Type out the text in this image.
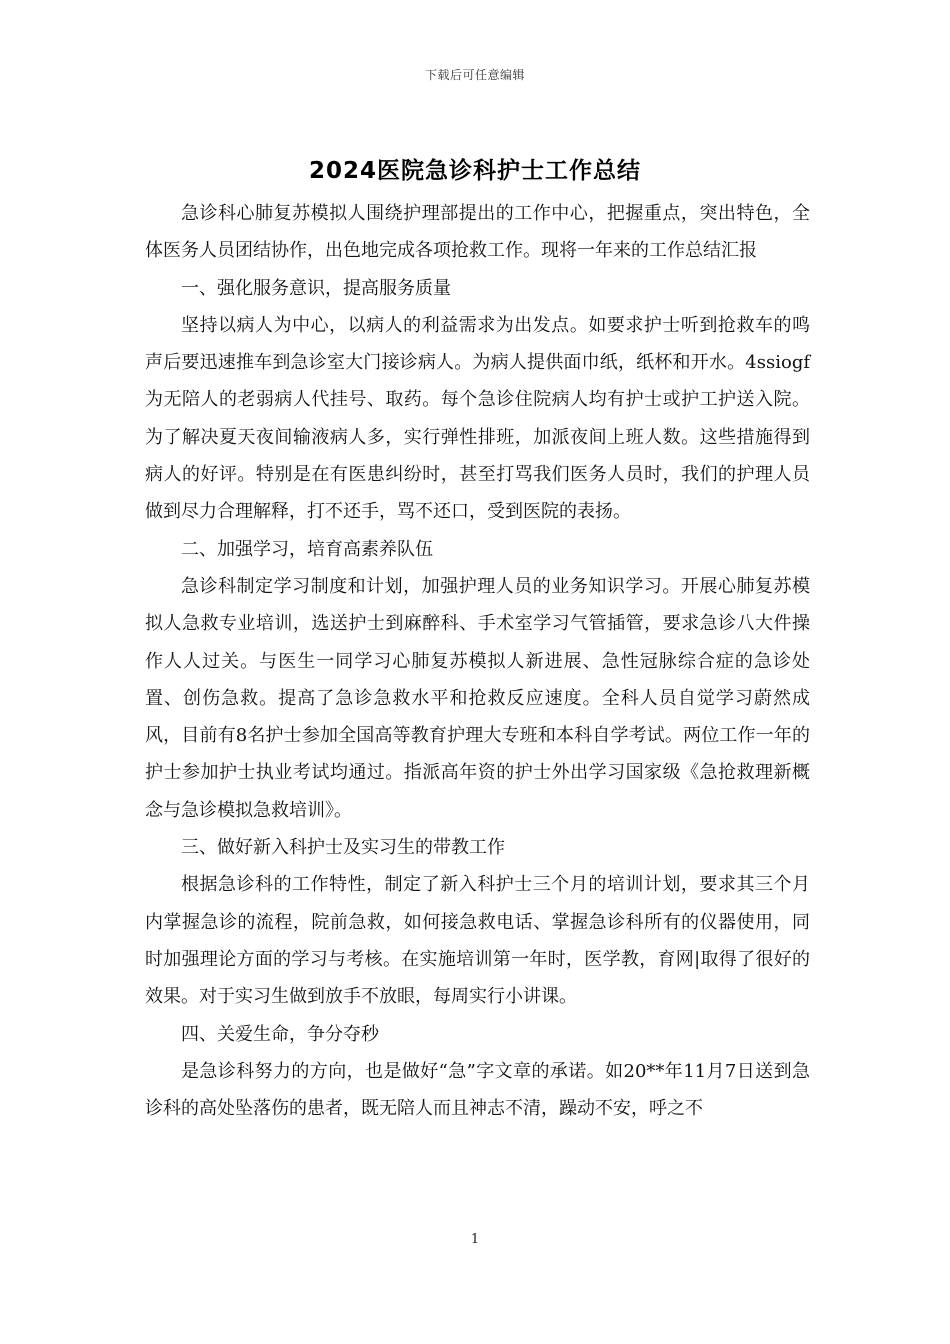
下载后可任意编辑
2024医院急诊科护士工作总结

急诊科心肺复苏模拟人围绕护理部提出的工作中心，把握重点，突出特色，全体医务人员团结协作，出色地完成各项抢救工作。现将一年来的工作总结汇报

一、强化服务意识，提高服务质量

坚持以病人为中心，以病人的利益需求为出发点。如要求护士听到抢救车的鸣声后要迅速推车到急诊室大门接诊病人。为病人提供面巾纸，纸杯和开水。4ssiogf为无陪人的老弱病人代挂号、取药。每个急诊住院病人均有护士或护工护送入院。为了解决夏天夜间输液病人多，实行弹性排班，加派夜间上班人数。这些措施得到病人的好评。特别是在有医患纠纷时，甚至打骂我们医务人员时，我们的护理人员做到尽力合理解释，打不还手，骂不还口，受到医院的表扬。

二、加强学习，培育高素养队伍

急诊科制定学习制度和计划，加强护理人员的业务知识学习。开展心肺复苏模拟人急救专业培训，选送护士到麻醉科、手术室学习气管插管，要求急诊八大件操作人人过关。与医生一同学习心肺复苏模拟人新进展、急性冠脉综合症的急诊处置、创伤急救。提高了急诊急救水平和抢救反应速度。全科人员自觉学习蔚然成风，目前有8名护士参加全国高等教育护理大专班和本科自学考试。两位工作一年的护士参加护士执业考试均通过。指派高年资的护士外出学习国家级《急抢救理新概念与急诊模拟急救培训》。

三、做好新入科护士及实习生的带教工作

根据急诊科的工作特性，制定了新入科护士三个月的培训计划，要求其三个月内掌握急诊的流程，院前急救，如何接急救电话、掌握急诊科所有的仪器使用，同时加强理论方面的学习与考核。在实施培训第一年时，医学教，育网|取得了很好的效果。对于实习生做到放手不放眼，每周实行小讲课。

四、关爱生命，争分夺秒

是急诊科努力的方向，也是做好“急”字文章的承诺。如20**年11月7日送到急诊科的高处坠落伤的患者，既无陪人而且神志不清，躁动不安，呼之不

1
